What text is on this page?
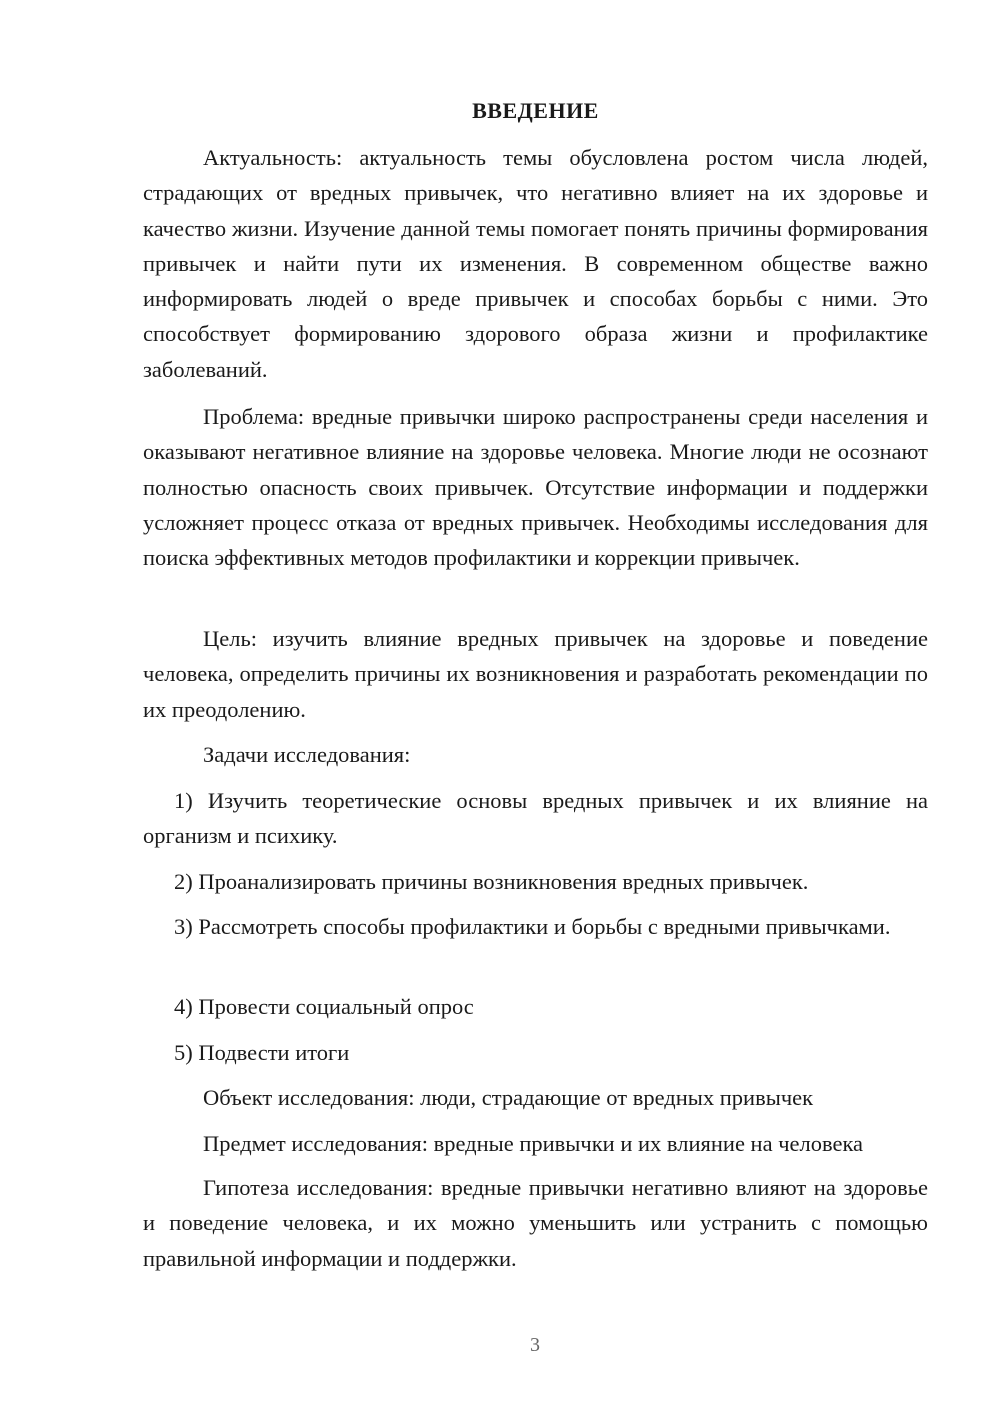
ВВЕДЕНИЕ

Актуальность: актуальность темы обусловлена ростом числа людей, страдающих от вредных привычек, что негативно влияет на их здоровье и качество жизни. Изучение данной темы помогает понять причины формирования привычек и найти пути их изменения. В современном обществе важно информировать людей о вреде привычек и способах борьбы с ними. Это способствует формированию здорового образа жизни и профилактике заболеваний.

Проблема: вредные привычки широко распространены среди населения и оказывают негативное влияние на здоровье человека. Многие люди не осознают полностью опасность своих привычек. Отсутствие информации и поддержки усложняет процесс отказа от вредных привычек. Необходимы исследования для поиска эффективных методов профилактики и коррекции привычек.

Цель: изучить влияние вредных привычек на здоровье и поведение человека, определить причины их возникновения и разработать рекомендации по их преодолению.

Задачи исследования:

1) Изучить теоретические основы вредных привычек и их влияние на организм и психику.

2) Проанализировать причины возникновения вредных привычек.

3) Рассмотреть способы профилактики и борьбы с вредными привычками.

4) Провести социальный опрос

5) Подвести итоги

Объект исследования: люди, страдающие от вредных привычек

Предмет исследования: вредные привычки и их влияние на человека

Гипотеза исследования: вредные привычки негативно влияют на здоровье и поведение человека, и их можно уменьшить или устранить с помощью правильной информации и поддержки.

3
